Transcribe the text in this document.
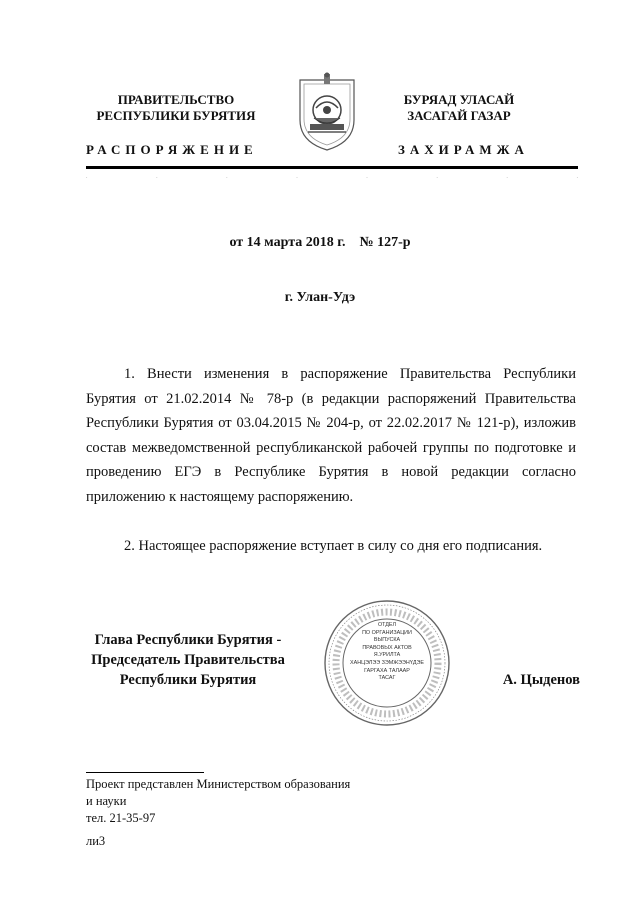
ПРАВИТЕЛЬСТВО
РЕСПУБЛИКИ БУРЯТИЯ
БУРЯАД УЛАСАЙ
ЗАСАГАЙ ГАЗАР
РАСПОРЯЖЕНИЕ	ЗАХИРАМЖА
.	.	.	.	.	.	.	.
от 14 марта 2018 г.    № 127-р
г. Улан-Удэ
1. Внести изменения в распоряжение Правительства Республики Бурятия от 21.02.2014 № 78-р (в редакции распоряжений Правительства Республики Бурятия от 03.04.2015 № 204-р, от 22.02.2017 № 121-р), изложив состав межведомственной республиканской рабочей группы по подготовке и проведению ЕГЭ в Республике Бурятия в новой редакции согласно приложению к настоящему распоряжению.
2. Настоящее распоряжение вступает в силу со дня его подписания.
Глава Республики Бурятия -
Председатель Правительства
Республики Бурятия
ОТДЕЛ
ПО ОРГАНИЗАЦИИ
ВЫПУСКА
ПРАВОВЫХ АКТОВ
Я.УРИЛТА
ХАНЦЭЛЭЭ ЗЭМЖЭЭНҮДЭЕ
ГАРГАХА ТАЛААР
ТАСАГ	А. Цыденов
Проект представлен Министерством образования
и науки
тел. 21-35-97
ли3
